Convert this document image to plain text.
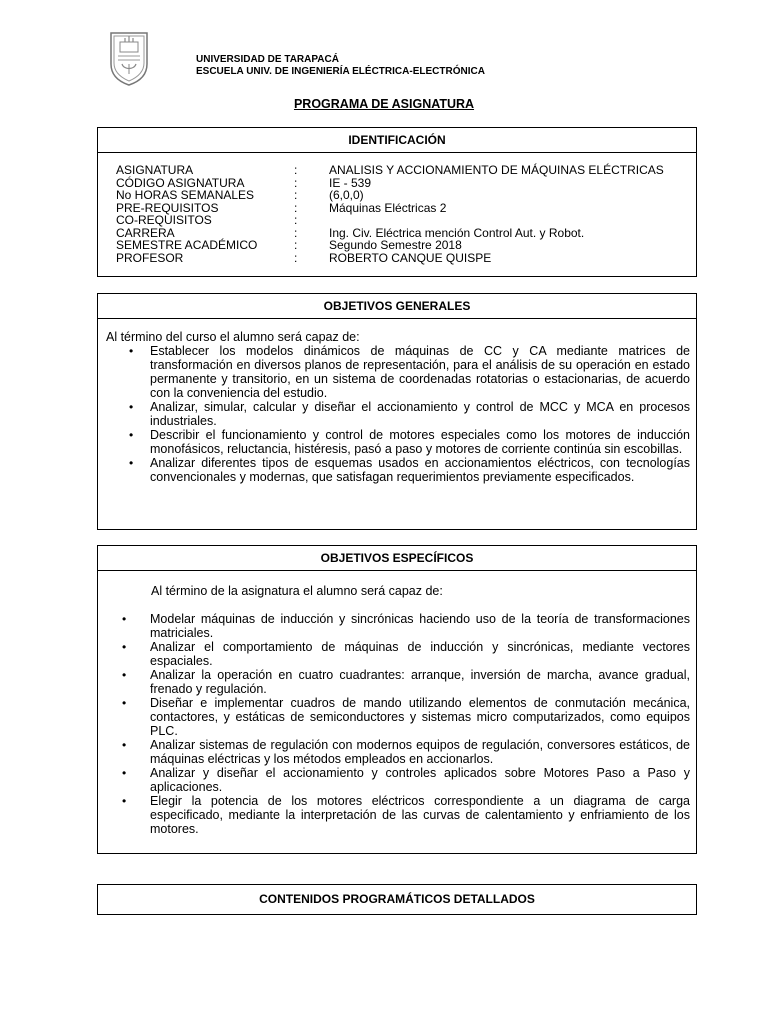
UNIVERSIDAD DE TARAPACÁ
ESCUELA UNIV. DE INGENIERÍA ELÉCTRICA-ELECTRÓNICA
PROGRAMA DE ASIGNATURA
IDENTIFICACIÓN
ASIGNATURA	:	ANALISIS Y ACCIONAMIENTO DE MÁQUINAS ELÉCTRICAS
CÓDIGO ASIGNATURA	:	IE - 539
No HORAS SEMANALES	:	(6,0,0)
PRE-REQUISITOS	:	Máquinas Eléctricas 2
CO-REQUISITOS	:
CARRERA	:	Ing. Civ. Eléctrica mención Control Aut. y Robot.
SEMESTRE ACADÉMICO	:	Segundo Semestre 2018
PROFESOR	:	ROBERTO CANQUE QUISPE
OBJETIVOS GENERALES
Al término del curso el alumno será capaz de:
• Establecer los modelos dinámicos de máquinas de CC y CA mediante matrices de transformación en diversos planos de representación, para el análisis de su operación en estado permanente y transitorio, en un sistema de coordenadas rotatorias o estacionarias, de acuerdo con la conveniencia del estudio.
• Analizar, simular, calcular y diseñar el accionamiento y control de MCC y MCA en procesos industriales.
• Describir el funcionamiento y control de motores especiales como los motores de inducción monofásicos, reluctancia, histéresis, pasó a paso y motores de corriente continúa sin escobillas.
• Analizar diferentes tipos de esquemas usados en accionamientos eléctricos, con tecnologías convencionales y modernas, que satisfagan requerimientos previamente especificados.
OBJETIVOS ESPECÍFICOS
Al término de la asignatura el alumno será capaz de:
• Modelar máquinas de inducción y sincrónicas haciendo uso de la teoría de transformaciones matriciales.
• Analizar el comportamiento de máquinas de inducción y sincrónicas, mediante vectores espaciales.
• Analizar la operación en cuatro cuadrantes: arranque, inversión de marcha, avance gradual, frenado y regulación.
• Diseñar e implementar cuadros de mando utilizando elementos de conmutación mecánica, contactores, y estáticas de semiconductores y sistemas micro computarizados, como equipos PLC.
• Analizar sistemas de regulación con modernos equipos de regulación, conversores estáticos, de máquinas eléctricas y los métodos empleados en accionarlos.
• Analizar y diseñar el accionamiento y controles aplicados sobre Motores Paso a Paso y aplicaciones.
• Elegir la potencia de los motores eléctricos correspondiente a un diagrama de carga especificado, mediante la interpretación de las curvas de calentamiento y enfriamiento de los motores.
CONTENIDOS PROGRAMÁTICOS DETALLADOS
